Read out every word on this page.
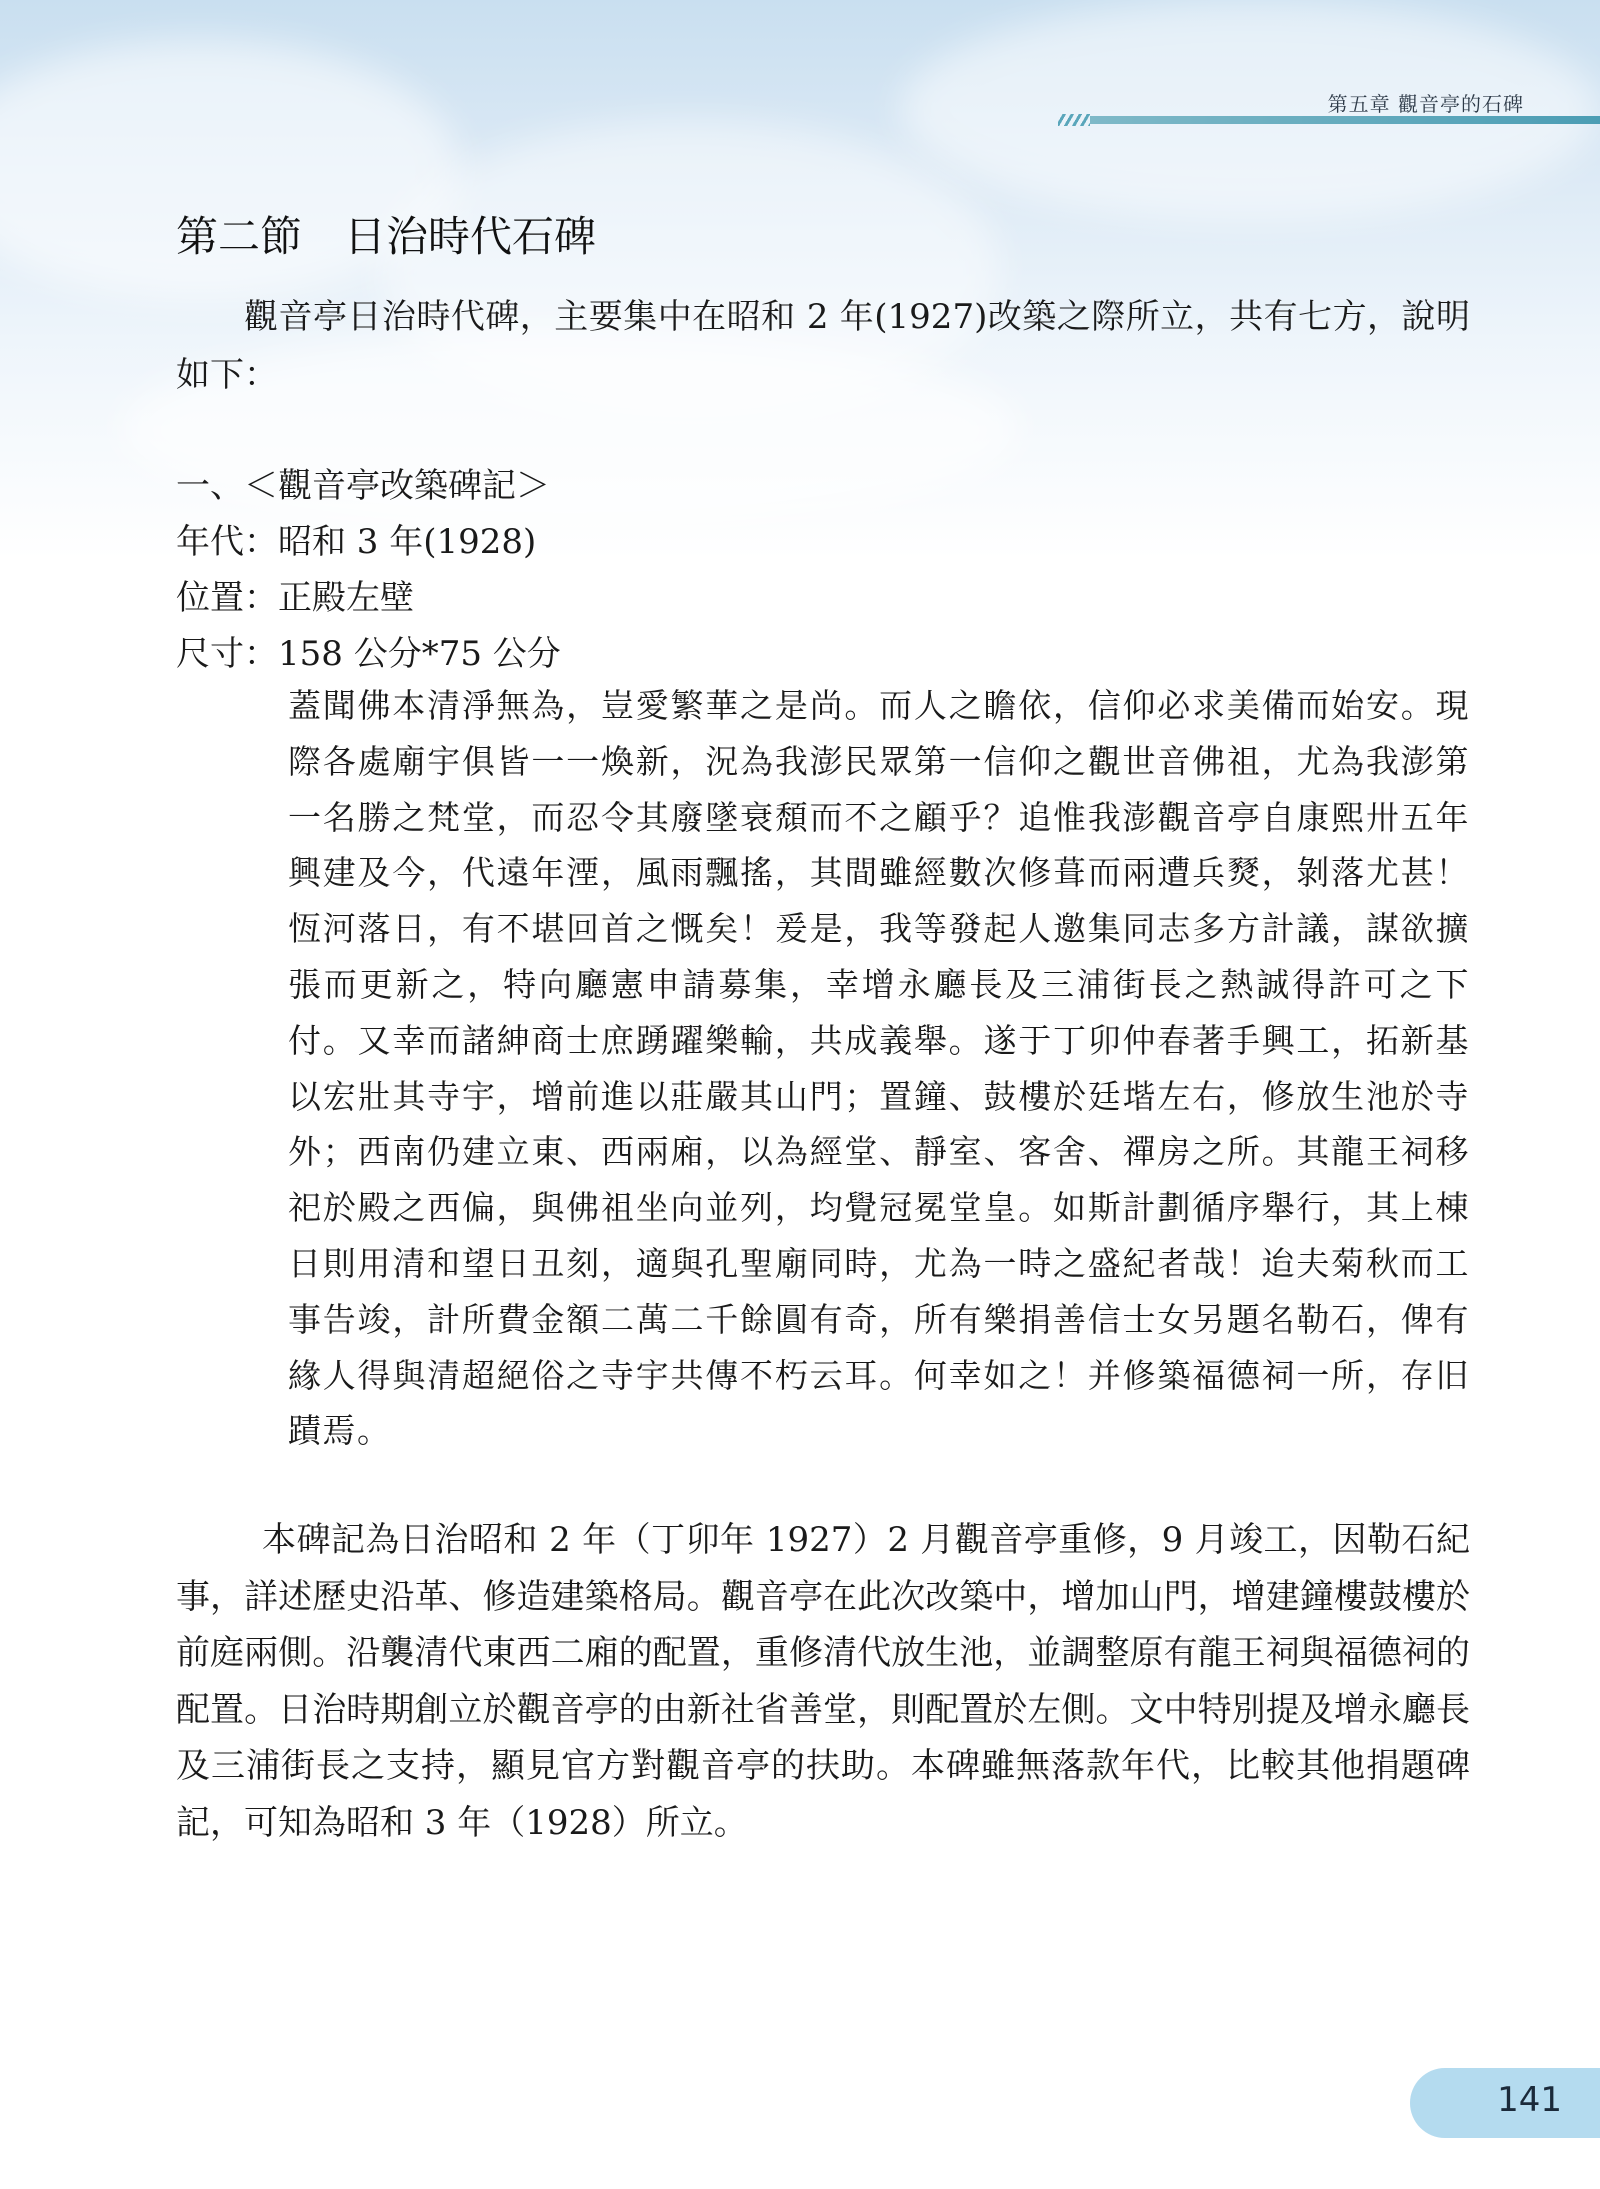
第五章 觀音亭的石碑
第二節　日治時代石碑

觀音亭日治時代碑，主要集中在昭和 2 年(1927)改築之際所立，共有七方，說明如下：

一、＜觀音亭改築碑記＞
年代：昭和 3 年(1928)
位置：正殿左壁
尺寸：158 公分*75 公分

蓋聞佛本清淨無為，豈愛繁華之是尚。而人之瞻依，信仰必求美備而始安。現際各處廟宇俱皆一一煥新，況為我澎民眾第一信仰之觀世音佛祖，尤為我澎第一名勝之梵堂，而忍令其廢墜衰頹而不之顧乎？追惟我澎觀音亭自康熙卅五年興建及今，代遠年湮，風雨飄搖，其間雖經數次修葺而兩遭兵燹，剝落尤甚！恆河落日，有不堪回首之慨矣！爰是，我等發起人邀集同志多方計議，謀欲擴張而更新之，特向廳憲申請募集，幸增永廳長及三浦街長之熱誠得許可之下付。又幸而諸紳商士庶踴躍樂輸，共成義舉。遂于丁卯仲春著手興工，拓新基以宏壯其寺宇，增前進以莊嚴其山門；置鐘、鼓樓於廷堦左右，修放生池於寺外；西南仍建立東、西兩廂，以為經堂、靜室、客舍、禪房之所。其龍王祠移祀於殿之西偏，與佛祖坐向並列，均覺冠冕堂皇。如斯計劃循序舉行，其上棟日則用清和望日丑刻，適與孔聖廟同時，尤為一時之盛紀者哉！迨夫菊秋而工事告竣，計所費金額二萬二千餘圓有奇，所有樂捐善信士女另題名勒石，俾有緣人得與清超絕俗之寺宇共傳不朽云耳。何幸如之！并修築福德祠一所，存旧蹟焉。

本碑記為日治昭和 2 年（丁卯年 1927）2 月觀音亭重修，9 月竣工，因勒石紀事，詳述歷史沿革、修造建築格局。觀音亭在此次改築中，增加山門，增建鐘樓鼓樓於前庭兩側。沿襲清代東西二廂的配置，重修清代放生池，並調整原有龍王祠與福德祠的配置。日治時期創立於觀音亭的由新社省善堂，則配置於左側。文中特別提及增永廳長及三浦街長之支持，顯見官方對觀音亭的扶助。本碑雖無落款年代，比較其他捐題碑記，可知為昭和 3 年（1928）所立。

141
